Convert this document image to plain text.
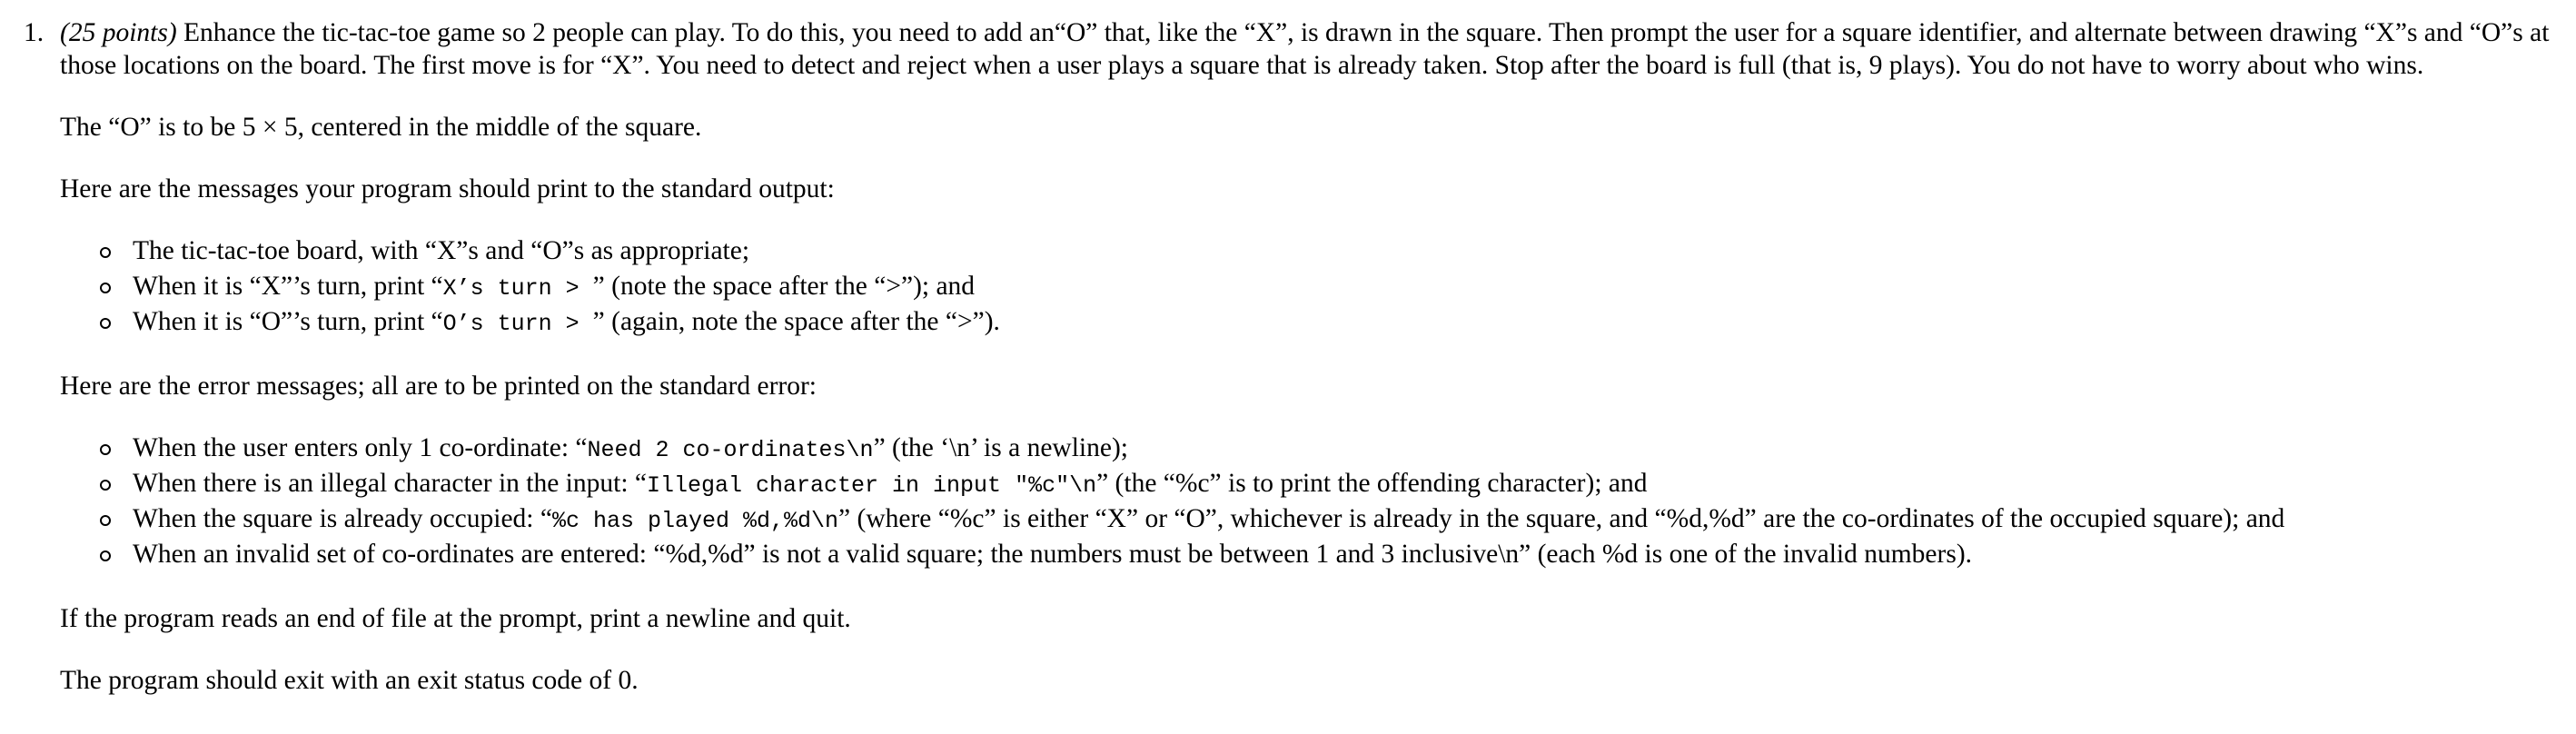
1. (25 points) Enhance the tic-tac-toe game so 2 people can play. To do this, you need to add an“O” that, like the “X”, is drawn in the square. Then prompt the user for a square identifier, and alternate between drawing “X”s and “O”s at those locations on the board. The first move is for “X”. You need to detect and reject when a user plays a square that is already taken. Stop after the board is full (that is, 9 plays). You do not have to worry about who wins.

The “O” is to be 5 × 5, centered in the middle of the square.

Here are the messages your program should print to the standard output:

The tic-tac-toe board, with “X”s and “O”s as appropriate;
When it is “X”’s turn, print “X’s turn > ” (note the space after the “>”); and
When it is “O”’s turn, print “O’s turn > ” (again, note the space after the “>”).

Here are the error messages; all are to be printed on the standard error:

When the user enters only 1 co-ordinate: “Need 2 co-ordinates\n” (the ‘\n’ is a newline);
When there is an illegal character in the input: “Illegal character in input "%c"\n” (the “%c” is to print the offending character); and
When the square is already occupied: “%c has played %d,%d\n” (where “%c” is either “X” or “O”, whichever is already in the square, and “%d,%d” are the co-ordinates of the occupied square); and
When an invalid set of co-ordinates are entered: “%d,%d” is not a valid square; the numbers must be between 1 and 3 inclusive\n” (each %d is one of the invalid numbers).

If the program reads an end of file at the prompt, print a newline and quit.

The program should exit with an exit status code of 0.
